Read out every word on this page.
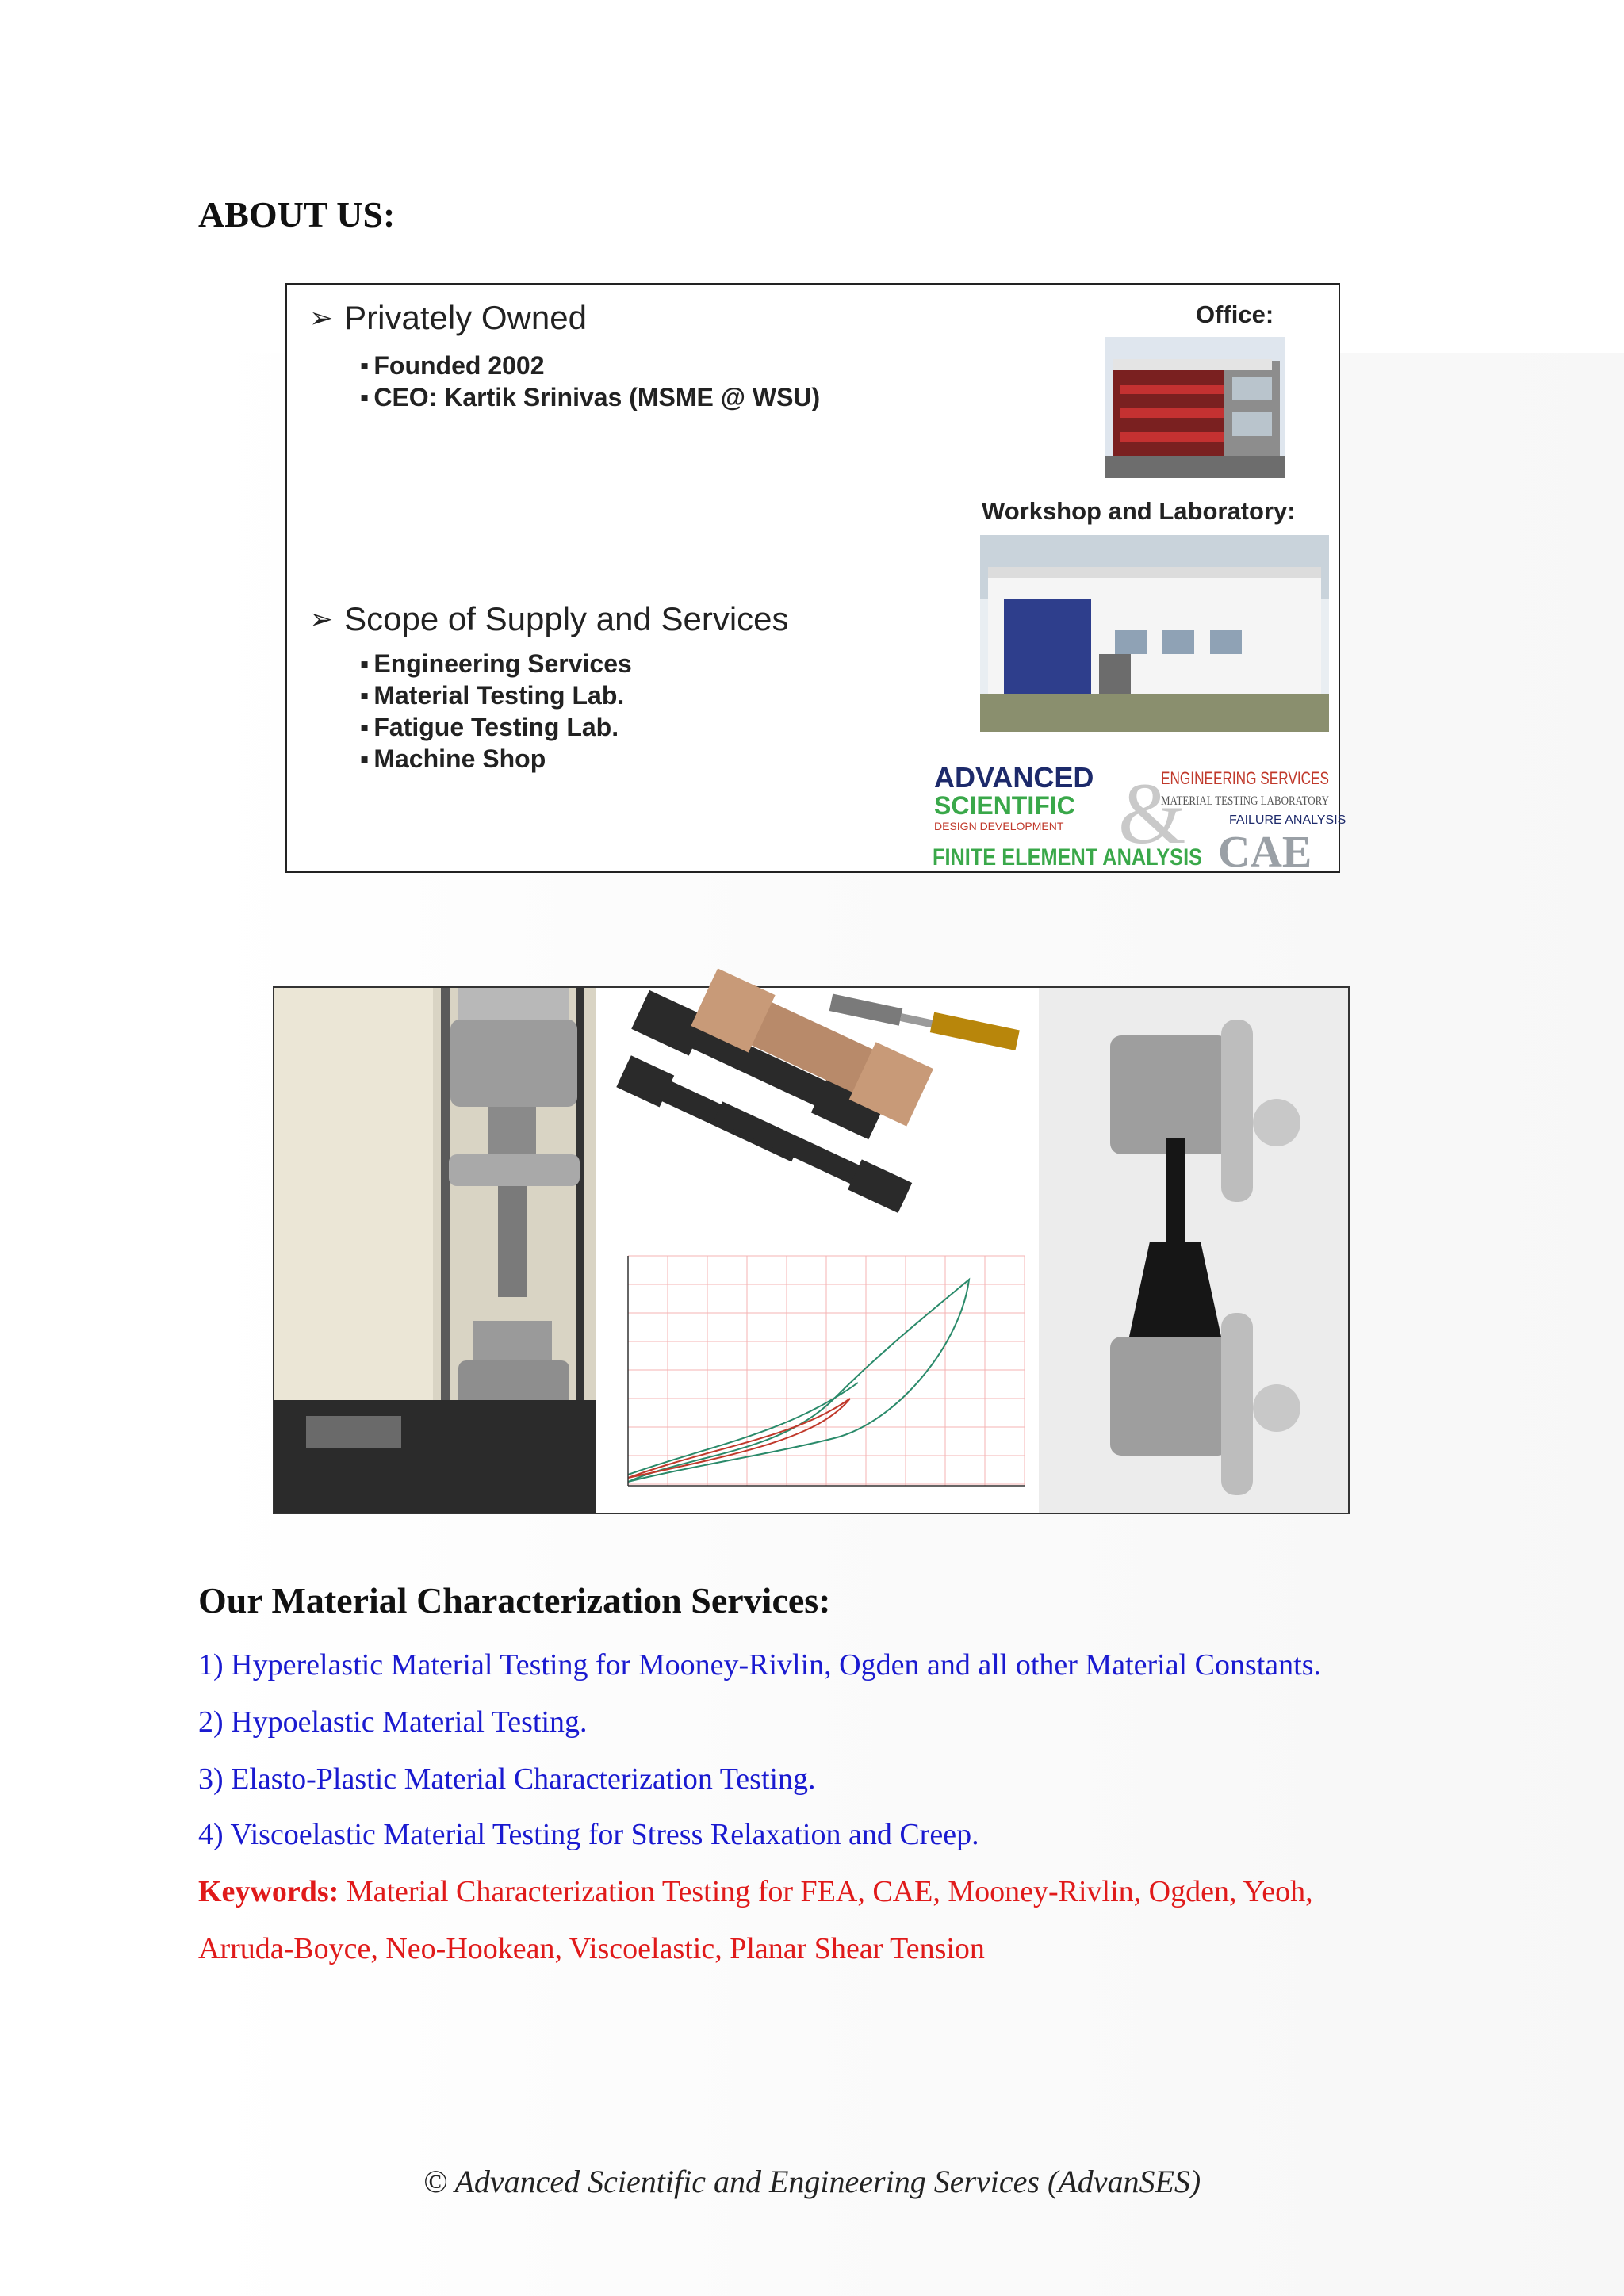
ABOUT US:
➢ Privately Owned
▪ Founded 2002
▪ CEO: Kartik Srinivas (MSME @ WSU)
➢ Scope of Supply and Services
▪ Engineering Services
▪ Material Testing Lab.
▪ Fatigue Testing Lab.
▪ Machine Shop
Office:
Workshop and Laboratory:
ADVANCED
SCIENTIFIC
DESIGN DEVELOPMENT
FINITE ELEMENT ANALYSIS
&
ENGINEERING SERVICES
MATERIAL TESTING LABORATORY
FAILURE ANALYSIS
CAE
Our Material Characterization Services:
1) Hyperelastic Material Testing for Mooney-Rivlin, Ogden and all other Material Constants.
2) Hypoelastic Material Testing.
3) Elasto-Plastic Material Characterization Testing.
4) Viscoelastic Material Testing for Stress Relaxation and Creep.
Keywords: Material Characterization Testing for FEA, CAE, Mooney-Rivlin, Ogden, Yeoh,
Arruda-Boyce, Neo-Hookean, Viscoelastic, Planar Shear Tension
© Advanced Scientific and Engineering Services (AdvanSES)
